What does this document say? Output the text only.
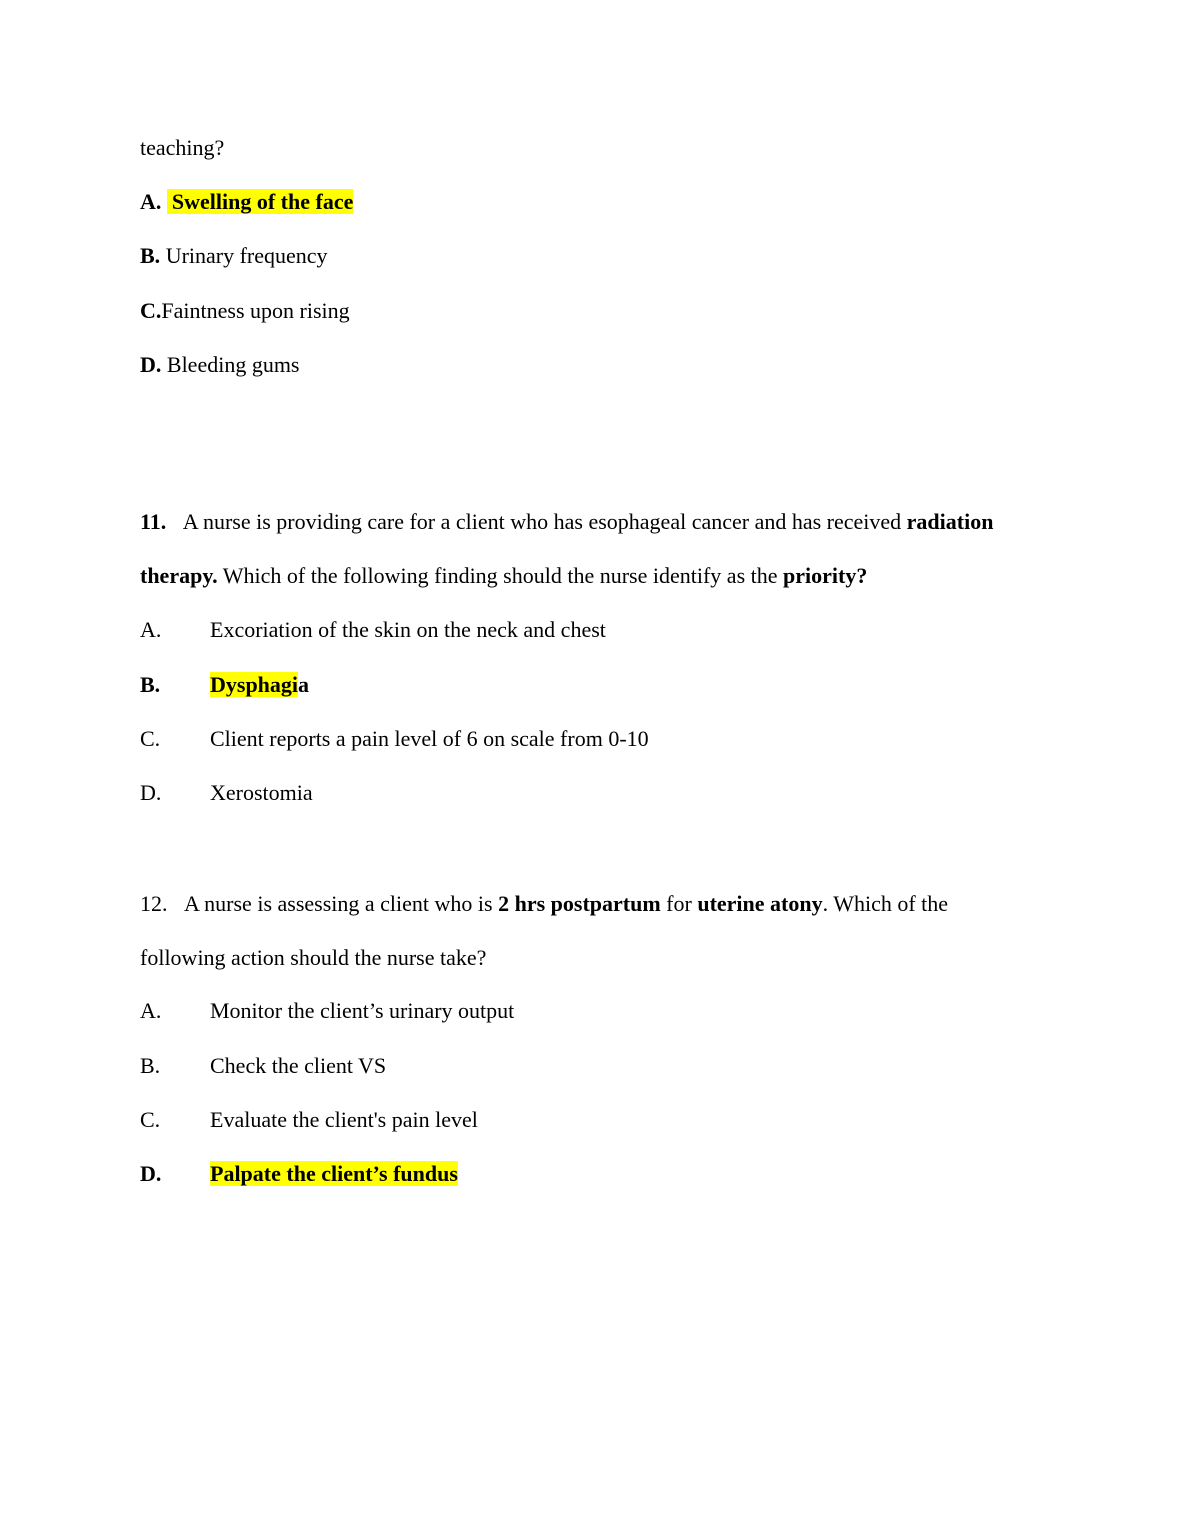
teaching?
A. Swelling of the face
B. Urinary frequency
C.Faintness upon rising
D. Bleeding gums
11. A nurse is providing care for a client who has esophageal cancer and has received radiation
therapy. Which of the following finding should the nurse identify as the priority?
A. Excoriation of the skin on the neck and chest
B. Dysphagia
C. Client reports a pain level of 6 on scale from 0-10
D. Xerostomia
12. A nurse is assessing a client who is 2 hrs postpartum for uterine atony. Which of the
following action should the nurse take?
A. Monitor the client’s urinary output
B. Check the client VS
C. Evaluate the client's pain level
D. Palpate the client’s fundus
